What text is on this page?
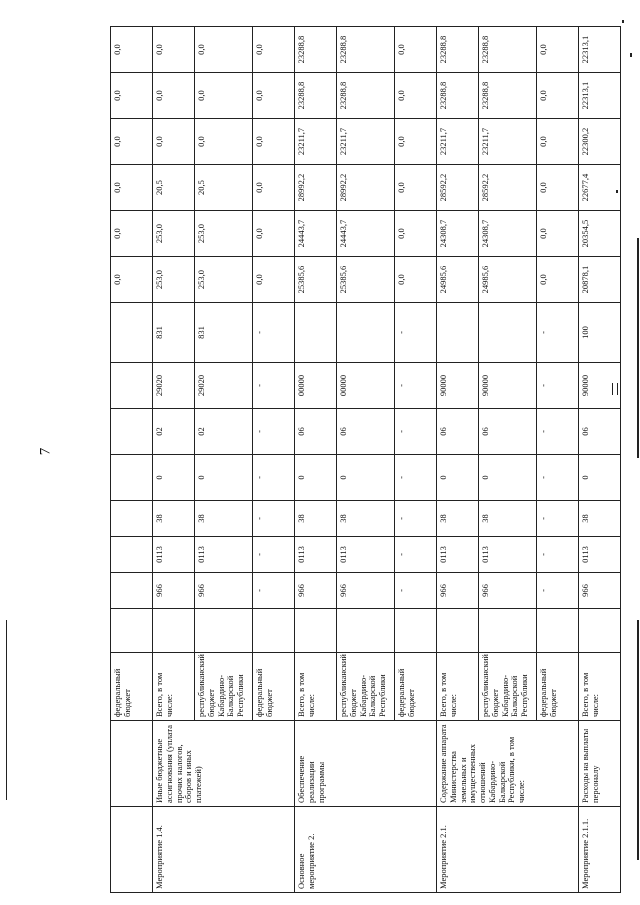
7
		федеральный бюджет									0,0	0,0	0,0	0,0	0,0	0,0
Мероприятие 1.4.	Иные бюджетные ассигнования (уплата прочих налогов, сборов и иных платежей)	Всего, в том числе:		966	0113	38	0	02	29020	831	253,0	253,0	20,5	0,0	0,0	0,0
		республиканский бюджет Кабардино-Балкарской Республики		966	0113	38	0	02	29020	831	253,0	253,0	20,5	0,0	0,0	0,0
		федеральный бюджет		-	-	-	-	-	-	-	0,0	0,0	0,0	0,0	0,0	0,0
Основное мероприятие 2.	Обеспечение реализации программы	Всего, в том числе:		966	0113	38	0	06	00000		25385,6	24443,7	28992,2	23211,7	23288,8	23288,8
		республиканский бюджет Кабардино-Балкарской Республики		966	0113	38	0	06	00000		25385,6	24443,7	28992,2	23211,7	23288,8	23288,8
		федеральный бюджет		-	-	-	-	-	-	-	0,0	0,0	0,0	0,0	0,0	0,0
Мероприятие 2.1.	Содержание аппарата Министерства земельных и имущественных отношений Кабардино-Балкарской Республики, в том числе:	Всего, в том числе:		966	0113	38	0	06	90000		24985,6	24308,7	28592,2	23211,7	23288,8	23288,8
		республиканский бюджет Кабардино-Балкарской Республики		966	0113	38	0	06	90000		24985,6	24308,7	28592,2	23211,7	23288,8	23288,8
		федеральный бюджет		-	-	-	-	-	-	-	0,0	0,0	0,0	0,0	0,0	0,0
Мероприятие 2.1.1.	Расходы на выплаты персоналу	Всего, в том числе:		966	0113	38	0	06	90000	100	20878,1	20354,5	22677,4	22300,2	22313,1	22313,1
